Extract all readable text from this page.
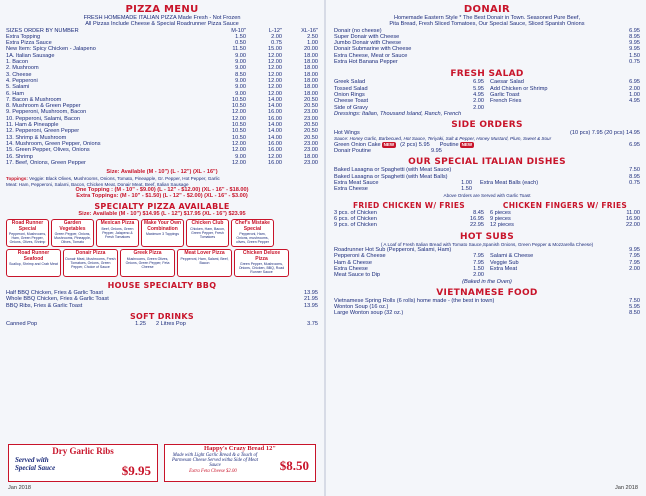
PIZZA MENU
FRESH HOMEMADE ITALIAN PIZZA Made Fresh - Not Frozen
All Pizzas Include Cheese & Special Roadrunner Pizza Sauce
SIZES ORDER BY NUMBER	M-10"	L-12"	XL-16"
Extra Topping	1.50	2.00	2.50
Extra Pizza Sauce	0.50	0.75	1.00
New Item: Spicy Chicken - Jalapeno	11.50	15.00	20.00
1A. Italian Sausage	9.00	12.00	18.00
1. Bacon	9.00	12.00	18.00
2. Mushroom	9.00	12.00	18.00
3. Cheese	8.50	12.00	18.00
4. Pepperoni	9.00	12.00	18.00
5. Salami	9.00	12.00	18.00
6. Ham	9.00	12.00	18.00
7. Bacon & Mushroom	10.50	14.00	20.50
8. Mushroom & Green Pepper	10.50	14.00	20.50
9. Pepperoni, Mushroom, Bacon	12.00	16.00	23.00
10. Pepperoni, Salami, Bacon	12.00	16.00	23.00
11. Ham & Pineapple	10.50	14.00	20.50
12. Pepperoni, Green Pepper	10.50	14.00	20.50
13. Shrimp & Mushroom	10.50	14.00	20.50
14. Mushroom, Green Pepper, Onions	12.00	16.00	23.00
15. Green Pepper, Olives, Onions	12.00	16.00	23.00
16. Shrimp	9.00	12.00	18.00
17. Beef, Onions, Green Pepper	12.00	16.00	23.00
Size: Available (M - 10") (L - 12") (XL - 16")
Toppings: Veggie: Black Olives, Mushrooms, Onions, Tomato, Pineapple, Gr. Pepper, Hot Pepper, Garlic
Meat: Ham, Pepperoni, Salami, Bacon, Chicken Meat, Donair Meat, Beef, Italian Sausage
One Topping : (M - 10" - $9.00) (L - 12" - $12.00) (XL - 16" - $18.00)
Extra Toppings: (M - 10" - $1.50) (L - 12" - $2.00) (XL - 16" - $3.00)
SPECIALTY PIZZA AVAILABLE
Size: Available (M - 10") $14.95 (L - 12") $17.95 (XL - 16") $23.95
Road Runner Special
Pepperoni, Mushrooms, Ham, Green Pepper, Onions, Olives, Shrimp
Garden Vegetables
Green Pepper, Onions, Mushrooms, Pineapple, Olives, Tomato
Mexican Pizza
Beef, Onions, Green Pepper, Jalapeno & Fresh Tomatoes
Make Your Own Combination
Maximum 3 Toppings
Chicken Club
Chicken, Ham, Bacon, Green Pepper, Fresh Tomatoes
Chef's Mistake Special
Pepperoni, Ham, Onions, mushrooms, olives, Green Pepper
Road Runner Seafood
Scallop, Shrimp and Crab Meat
Donair Pizza
Donair Meat, Mushrooms, Fresh Tomatoes, Onions, Green Pepper, Choice of Sauce
Greek Pizza
Mushrooms, Green Olives, Onions, Green Pepper, Feta Cheese
Meat Lover Pizza
Pepperoni, Ham, Salami, Beef, Bacon
Chicken Deluxe Pizza
Green Pepper, Mushrooms, Onions, Chicken, BBQ, Road Runner Sauce
HOUSE SPECIALTY BBQ
Half BBQ Chicken, Fries & Garlic Toast	13.95
Whole BBQ Chicken, Fries & Garlic Toast	21.95
BBQ Ribs, Fries & Garlic Toast	13.95
SOFT DRINKS
Canned Pop	1.25 2 Litres Pop	3.75
Dry Garlic Ribs
Served with
Special Sauce	$9.95
Happy's Crazy Bread 12"
Made with Light Garlic Bread & a Touch of Parmesan Cheese Served witha Side of Meat Sauce
Extra Feta Cheese $2.00	$8.50
Jan 2018
DONAIR
Homemade Eastern Style * The Best Donair in Town. Seasoned Pure Beef,
Pita Bread, Fresh Sliced Tomatoes, Our Special Sauce, Sliced Spanish Onions
Donair (no cheese)	6.95
Super Donair with Cheese	8.95
Jumbo Donair with Cheese	9.95
Donair Submarine with Cheese	9.95
Extra Cheese, Meat or Sauce	1.50
Extra Hot Banana Pepper	0.75
FRESH SALAD
Greek Salad	6.95
Tossed Salad	5.95
Onion Rings	4.95
Cheese Toast	2.00
Side of Gravy	2.00
Caesar Salad	6.95
Add Chicken or Shrimp	2.00
Garlic Toast	1.00
French Fries	4.95
Dressings: Italian, Thousand Island, Ranch, French
SIDE ORDERS
Hot Wings	(10 pcs) 7.95 (20 pcs) 14.95
Sauce: Honey Garlic, Barbecued, Hot Sauce, Teriyaki, Salt & Pepper, Honey Mustard, Plum, Sweet & Sour
Green Onion Cake NEW	(2 pcs) 5.95 Poutine NEW	6.95
Donair Poutine	9.95
OUR SPECIAL ITALIAN DISHES
Baked Lasagna or Spaghetti (with Meat Sauce)	7.50
Baked Lasagna or Spaghetti (with Meat Balls)	8.95
Extra Meat Sauce	1.00 Extra Meat Balls (each)	0.75
Extra Cheese	1.50
Above Orders are Served with Garlic Toast
FRIED CHICKEN W/ FRIES
3 pcs. of Chicken	8.45
6 pcs. of Chicken	16.95
9 pcs. of Chicken	22.95
CHICKEN FINGERS W/ FRIES
6 pieces	11.00
9 pieces	16.90
12 pieces	22.00
HOT SUBS
( A Loaf of Fresh Italian Bread with Tomato Sauce,Spanish Onions, Green Pepper & Mozzarella Cheese)
Roadrunner Hot Sub (Pepperoni, Salami, Ham)	9.95
Pepperoni & Cheese	7.95
Ham & Cheese	7.95
Extra Cheese	1.50
Meat Sauce to Dip	2.00
Salami & Cheese	7.95
Veggie Sub	7.95
Extra Meat	2.00
(Baked in the Oven)
VIETNAMESE FOOD
Vietnamese Spring Rolls (6 rolls) home made - (the best in town)	7.50
Wonton Soup (16 oz.)	5.95
Large Wonton soup (32 oz.)	8.50
Jan 2018
